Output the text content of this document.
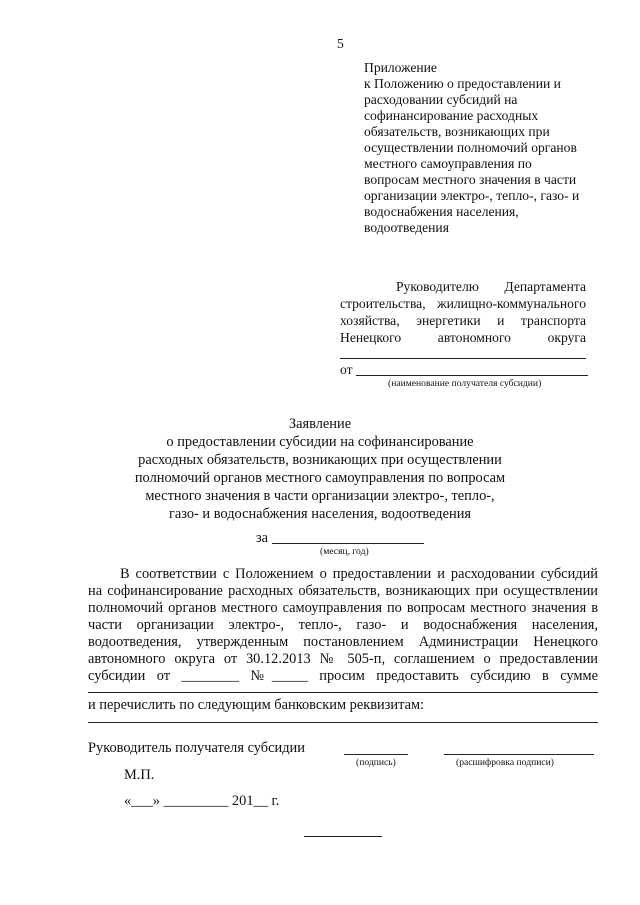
5
Приложение
к Положению о предоставлении и
расходовании субсидий на
софинансирование расходных
обязательств, возникающих при
осуществлении полномочий органов
местного самоуправления по
вопросам местного значения в части
организации электро-, тепло-, газо- и
водоснабжения населения,
водоотведения
Руководителю Департамента
строительства, жилищно-коммунального
хозяйства, энергетики и транспорта
Ненецкого автономного округа
от
(наименование получателя субсидии)
Заявление
о предоставлении субсидии на софинансирование
расходных обязательств, возникающих при осуществлении
полномочий органов местного самоуправления по вопросам
местного значения в части организации электро-, тепло-,
газо- и водоснабжения населения, водоотведения
за
(месяц, год)
В соответствии с Положением о предоставлении и расходовании субсидий
на софинансирование расходных обязательств, возникающих при осуществлении
полномочий органов местного самоуправления по вопросам местного значения в
части организации электро-, тепло-, газо- и водоснабжения населения,
водоотведения, утвержденным постановлением Администрации Ненецкого
автономного округа от 30.12.2013 № 505-п, соглашением о предоставлении
субсидии от ________ №_____ просим предоставить субсидию в сумме
и перечислить по следующим банковским реквизитам:
Руководитель получателя субсидии
(подпись)	(расшифровка подписи)
М.П.
«___» _________ 201__ г.
